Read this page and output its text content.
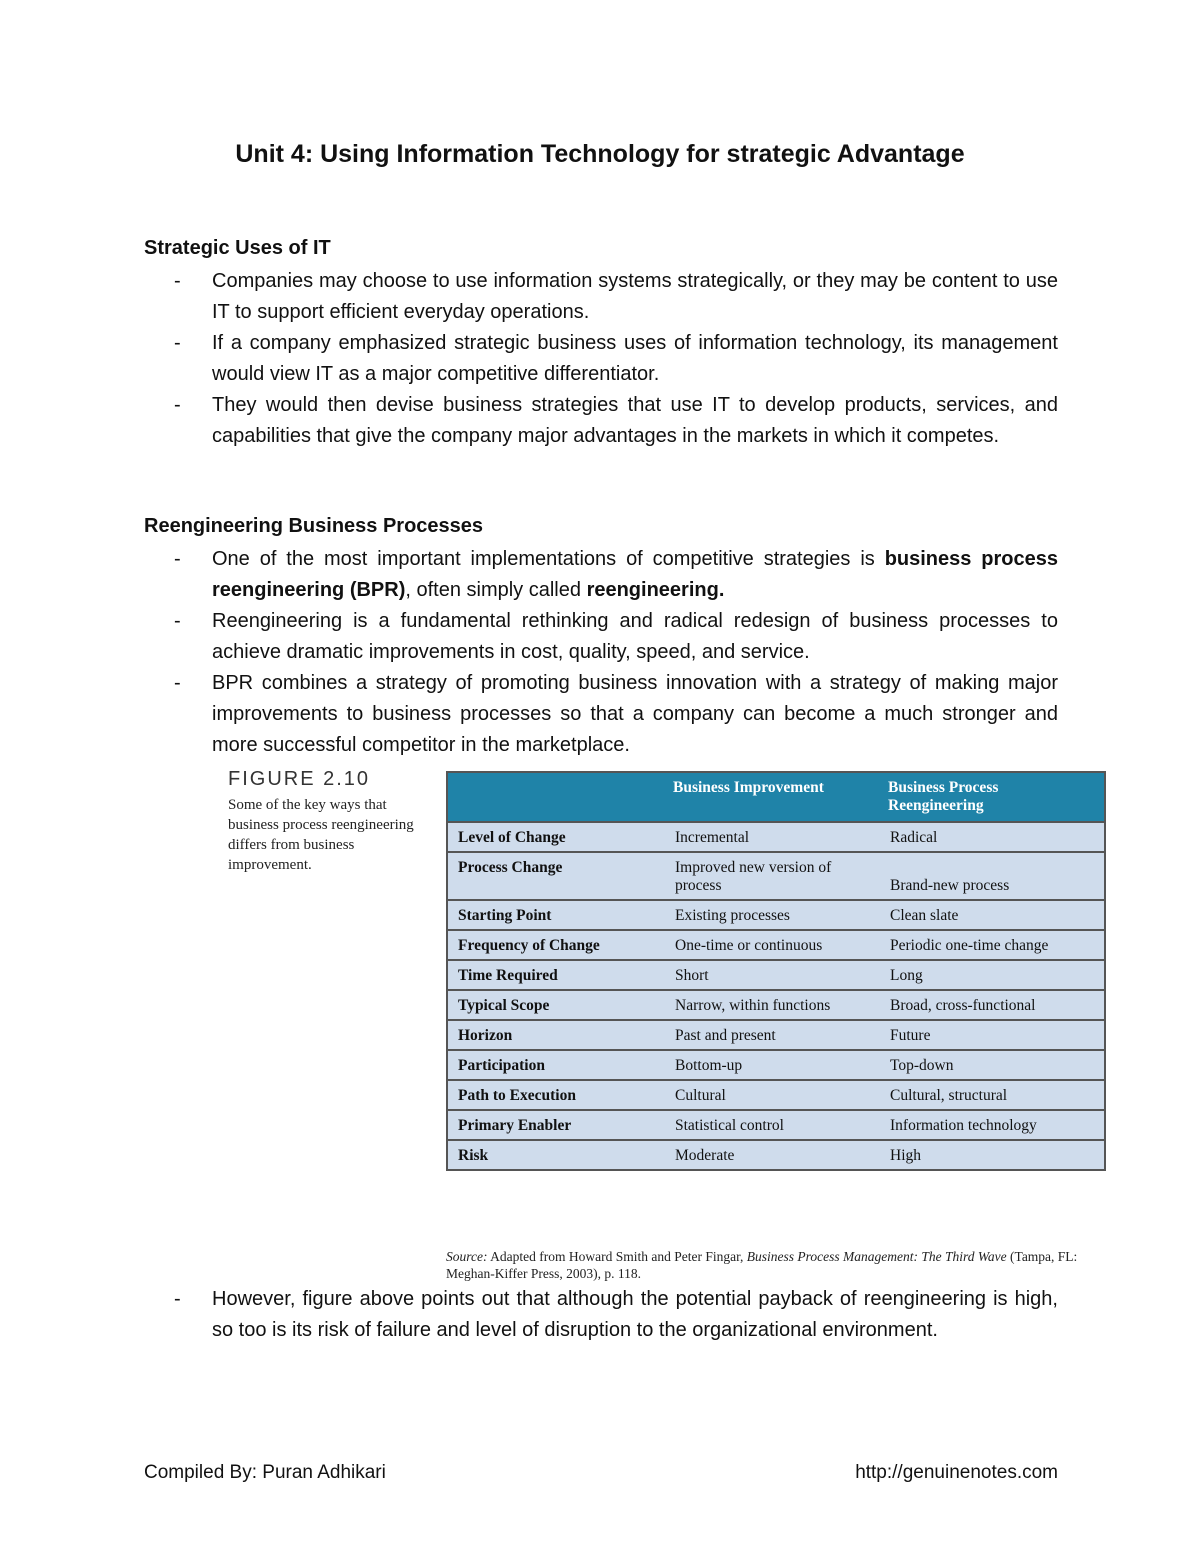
Unit 4: Using Information Technology for strategic Advantage
Strategic Uses of IT
- Companies may choose to use information systems strategically, or they may be content to use IT to support efficient everyday operations.
- If a company emphasized strategic business uses of information technology, its management would view IT as a major competitive differentiator.
- They would then devise business strategies that use IT to develop products, services, and capabilities that give the company major advantages in the markets in which it competes.
Reengineering Business Processes
- One of the most important implementations of competitive strategies is business process reengineering (BPR), often simply called reengineering.
- Reengineering is a fundamental rethinking and radical redesign of business processes to achieve dramatic improvements in cost, quality, speed, and service.
- BPR combines a strategy of promoting business innovation with a strategy of making major improvements to business processes so that a company can become a much stronger and more successful competitor in the marketplace.
FIGURE 2.10
Some of the key ways that business process reengineering differs from business improvement.
	Business Improvement	Business Process Reengineering
Level of Change	Incremental	Radical
Process Change	Improved new version of process	Brand-new process
Starting Point	Existing processes	Clean slate
Frequency of Change	One-time or continuous	Periodic one-time change
Time Required	Short	Long
Typical Scope	Narrow, within functions	Broad, cross-functional
Horizon	Past and present	Future
Participation	Bottom-up	Top-down
Path to Execution	Cultural	Cultural, structural
Primary Enabler	Statistical control	Information technology
Risk	Moderate	High
Source: Adapted from Howard Smith and Peter Fingar, Business Process Management: The Third Wave (Tampa, FL: Meghan-Kiffer Press, 2003), p. 118.
- However, figure above points out that although the potential payback of reengineering is high, so too is its risk of failure and level of disruption to the organizational environment.
Compiled By: Puran Adhikari	http://genuinenotes.com
